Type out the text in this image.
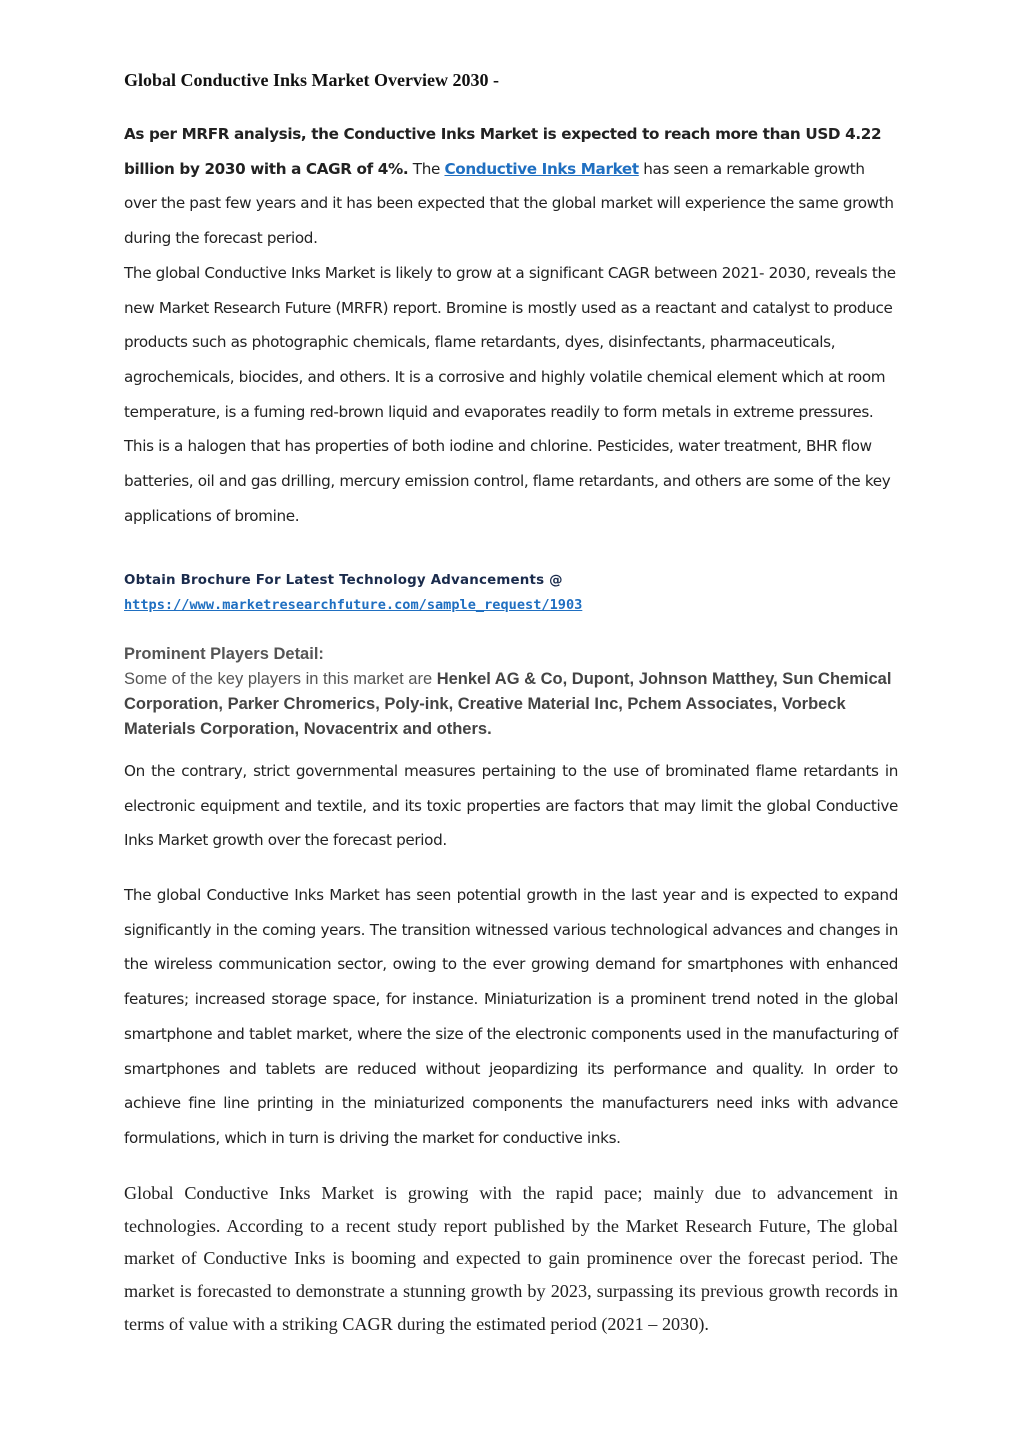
Global Conductive Inks Market Overview 2030 -

As per MRFR analysis, the Conductive Inks Market is expected to reach more than USD 4.22 billion by 2030 with a CAGR of 4%. The Conductive Inks Market has seen a remarkable growth over the past few years and it has been expected that the global market will experience the same growth during the forecast period.
The global Conductive Inks Market is likely to grow at a significant CAGR between 2021- 2030, reveals the new Market Research Future (MRFR) report. Bromine is mostly used as a reactant and catalyst to produce products such as photographic chemicals, flame retardants, dyes, disinfectants, pharmaceuticals, agrochemicals, biocides, and others. It is a corrosive and highly volatile chemical element which at room temperature, is a fuming red-brown liquid and evaporates readily to form metals in extreme pressures. This is a halogen that has properties of both iodine and chlorine. Pesticides, water treatment, BHR flow batteries, oil and gas drilling, mercury emission control, flame retardants, and others are some of the key applications of bromine.

Obtain Brochure For Latest Technology Advancements @
https://www.marketresearchfuture.com/sample_request/1903
Prominent Players Detail:

Some of the key players in this market are Henkel AG & Co, Dupont, Johnson Matthey, Sun Chemical Corporation, Parker Chromerics, Poly-ink, Creative Material Inc, Pchem Associates, Vorbeck Materials Corporation, Novacentrix and others.

On the contrary, strict governmental measures pertaining to the use of brominated flame retardants in electronic equipment and textile, and its toxic properties are factors that may limit the global Conductive Inks Market growth over the forecast period.

The global Conductive Inks Market has seen potential growth in the last year and is expected to expand significantly in the coming years. The transition witnessed various technological advances and changes in the wireless communication sector, owing to the ever growing demand for smartphones with enhanced features; increased storage space, for instance. Miniaturization is a prominent trend noted in the global smartphone and tablet market, where the size of the electronic components used in the manufacturing of smartphones and tablets are reduced without jeopardizing its performance and quality. In order to achieve fine line printing in the miniaturized components the manufacturers need inks with advance formulations, which in turn is driving the market for conductive inks.

Global Conductive Inks Market is growing with the rapid pace; mainly due to advancement in technologies. According to a recent study report published by the Market Research Future, The global market of Conductive Inks is booming and expected to gain prominence over the forecast period. The market is forecasted to demonstrate a stunning growth by 2023, surpassing its previous growth records in terms of value with a striking CAGR during the estimated period (2021 – 2030).
